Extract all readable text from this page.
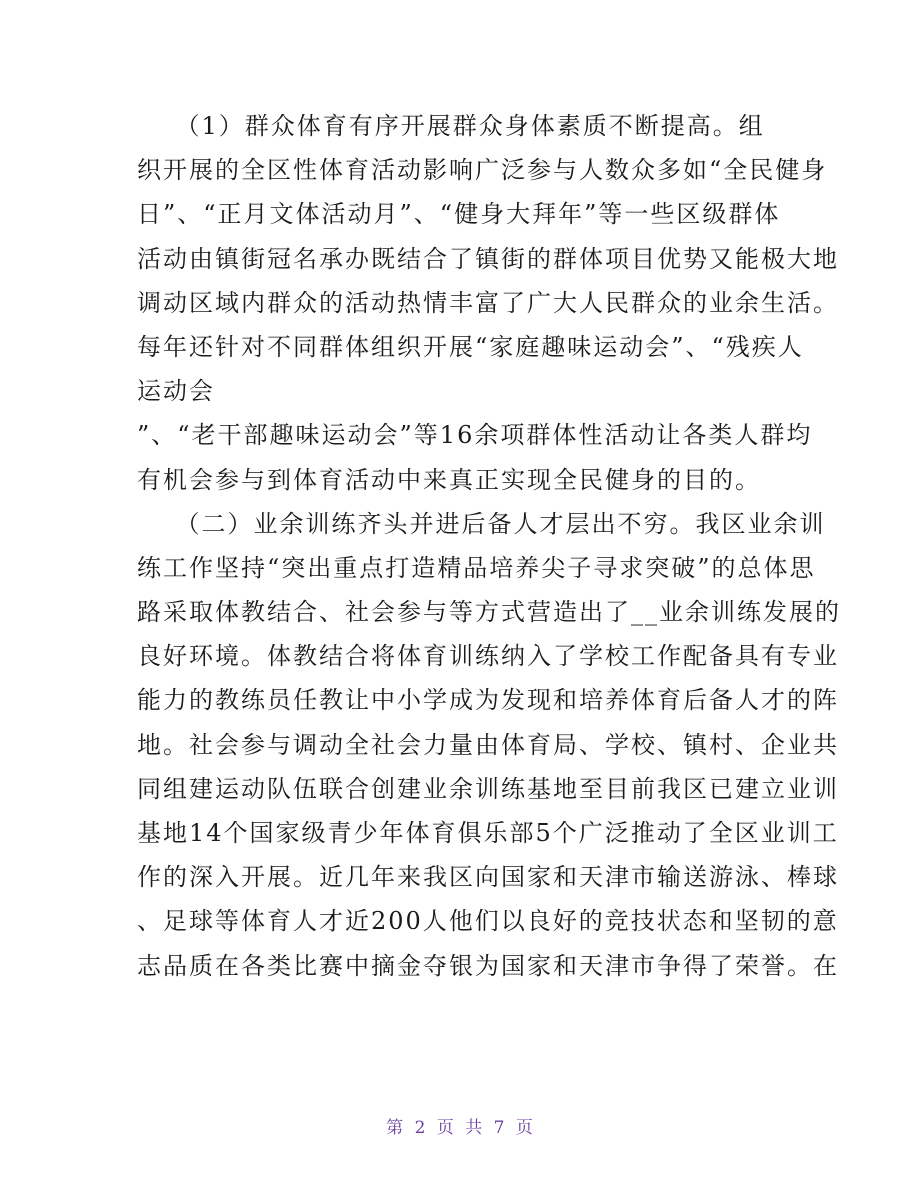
（1）群众体育有序开展群众身体素质不断提高。组
织开展的全区性体育活动影响广泛参与人数众多如“全民健身
日”、“正月文体活动月”、“健身大拜年”等一些区级群体
活动由镇街冠名承办既结合了镇街的群体项目优势又能极大地
调动区域内群众的活动热情丰富了广大人民群众的业余生活。
每年还针对不同群体组织开展“家庭趣味运动会”、“残疾人
运动会
”、“老干部趣味运动会”等16余项群体性活动让各类人群均
有机会参与到体育活动中来真正实现全民健身的目的。
（二）业余训练齐头并进后备人才层出不穷。我区业余训
练工作坚持“突出重点打造精品培养尖子寻求突破”的总体思
路采取体教结合、社会参与等方式营造出了__业余训练发展的
良好环境。体教结合将体育训练纳入了学校工作配备具有专业
能力的教练员任教让中小学成为发现和培养体育后备人才的阵
地。社会参与调动全社会力量由体育局、学校、镇村、企业共
同组建运动队伍联合创建业余训练基地至目前我区已建立业训
基地14个国家级青少年体育俱乐部5个广泛推动了全区业训工
作的深入开展。近几年来我区向国家和天津市输送游泳、棒球
、足球等体育人才近200人他们以良好的竞技状态和坚韧的意
志品质在各类比赛中摘金夺银为国家和天津市争得了荣誉。在
第 2 页 共 7 页
